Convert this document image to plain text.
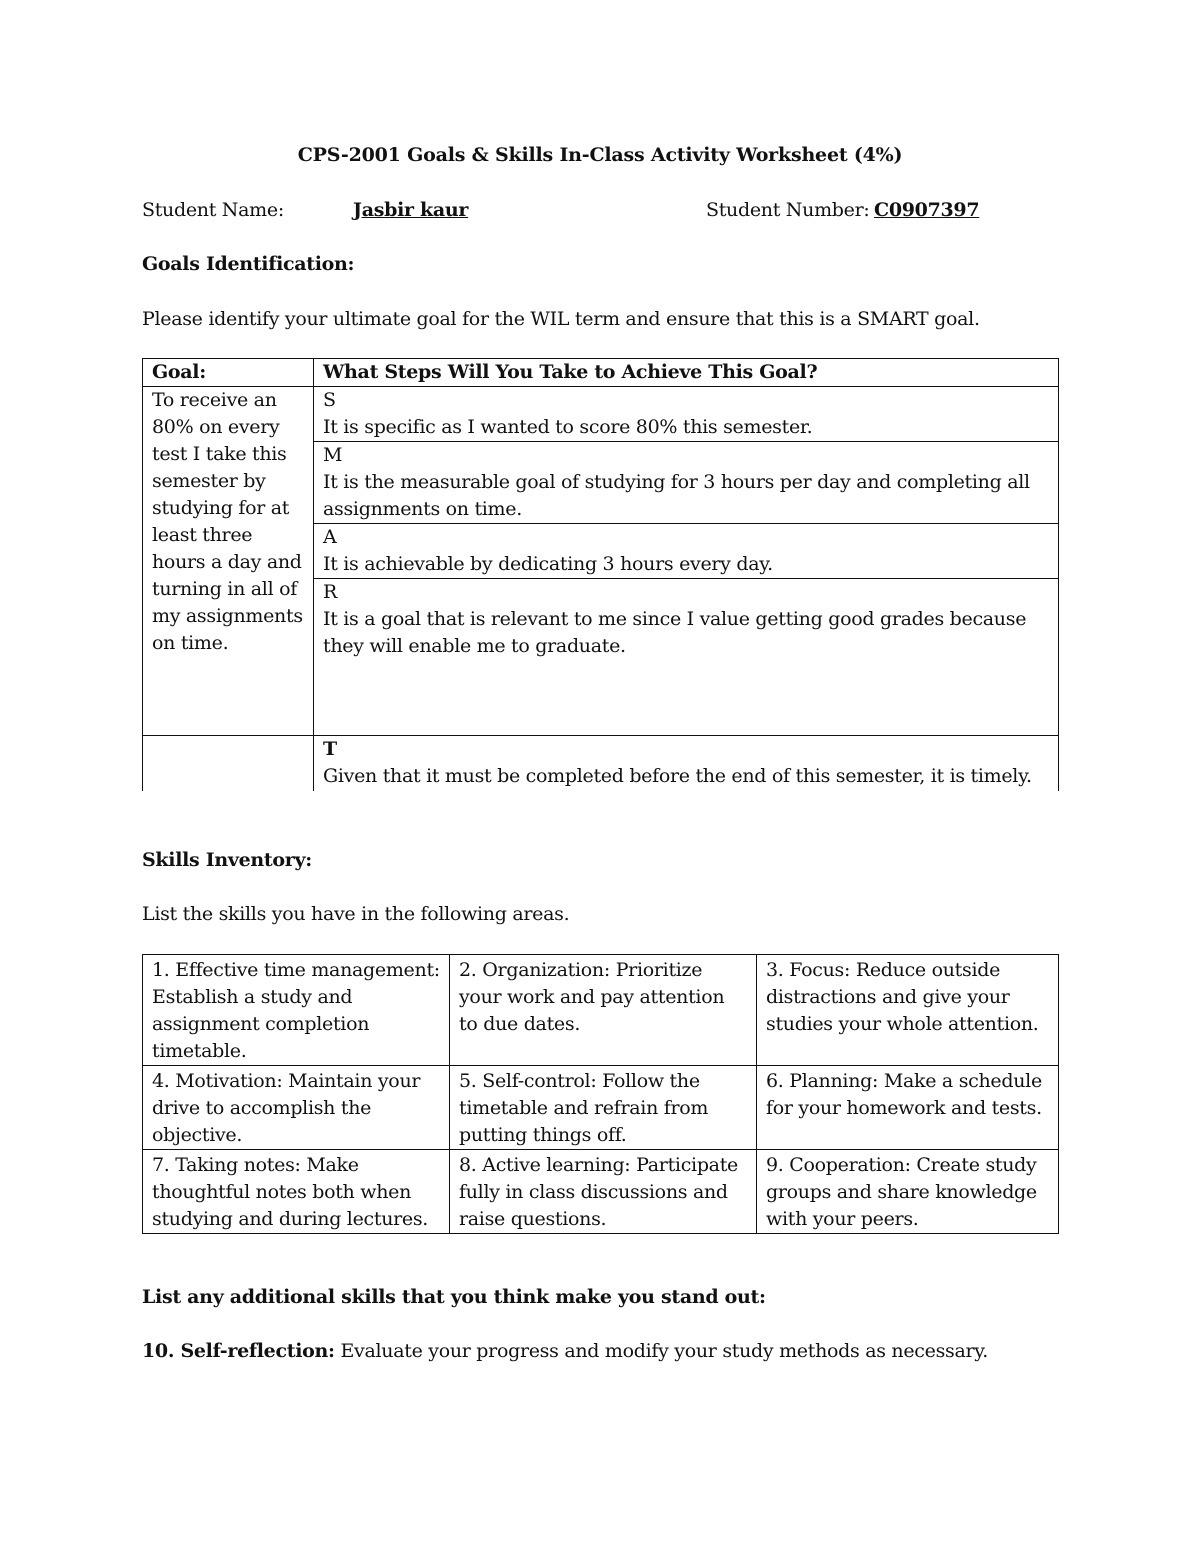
CPS-2001 Goals & Skills In-Class Activity Worksheet (4%)
Student Name:	Jasbir kaur	Student Number: C0907397
Goals Identification:
Please identify your ultimate goal for the WIL term and ensure that this is a SMART goal.
Goal:	What Steps Will You Take to Achieve This Goal?

To receive an 80% on every test I take this semester by studying for at least three hours a day and turning in all of my assignments on time.	S
It is specific as I wanted to score 80% this semester.

	M
It is the measurable goal of studying for 3 hours per day and completing all assignments on time.

	A
It is achievable by dedicating 3 hours every day.

	R
It is a goal that is relevant to me since I value getting good grades because they will enable me to graduate.

	T
Given that it must be completed before the end of this semester, it is timely.
Skills Inventory:
List the skills you have in the following areas.
1. Effective time management: Establish a study and assignment completion timetable.	2. Organization: Prioritize your work and pay attention to due dates.	3. Focus: Reduce outside distractions and give your studies your whole attention.
4. Motivation: Maintain your drive to accomplish the objective.	5. Self-control: Follow the timetable and refrain from putting things off.	6. Planning: Make a schedule for your homework and tests.
7. Taking notes: Make thoughtful notes both when studying and during lectures.	8. Active learning: Participate fully in class discussions and raise questions.	9. Cooperation: Create study groups and share knowledge with your peers.
List any additional skills that you think make you stand out:
10. Self-reflection: Evaluate your progress and modify your study methods as necessary.
